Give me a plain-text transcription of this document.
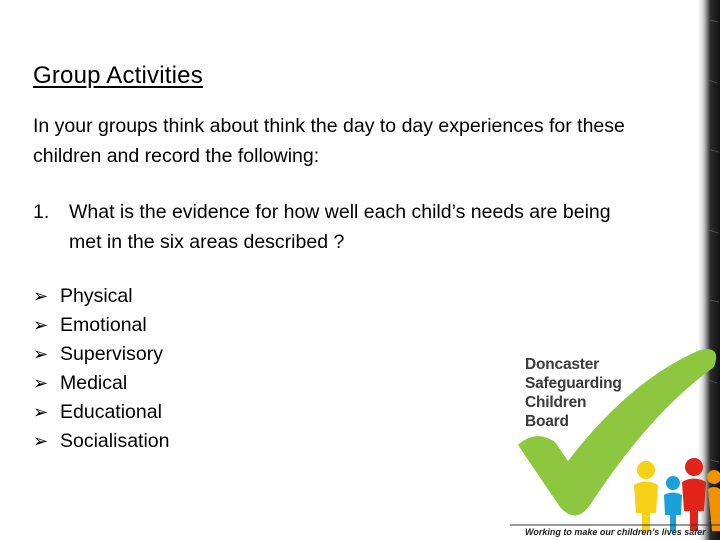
Group Activities
In your groups think about think the day to day experiences for these children and record the following:
1. What is the evidence for how well each child’s needs are being met in the six areas described ?
➢ Physical
➢ Emotional
➢ Supervisory
➢ Medical
➢ Educational
➢ Socialisation
Doncaster
Safeguarding
Children
Board
Working to make our children’s lives safer
